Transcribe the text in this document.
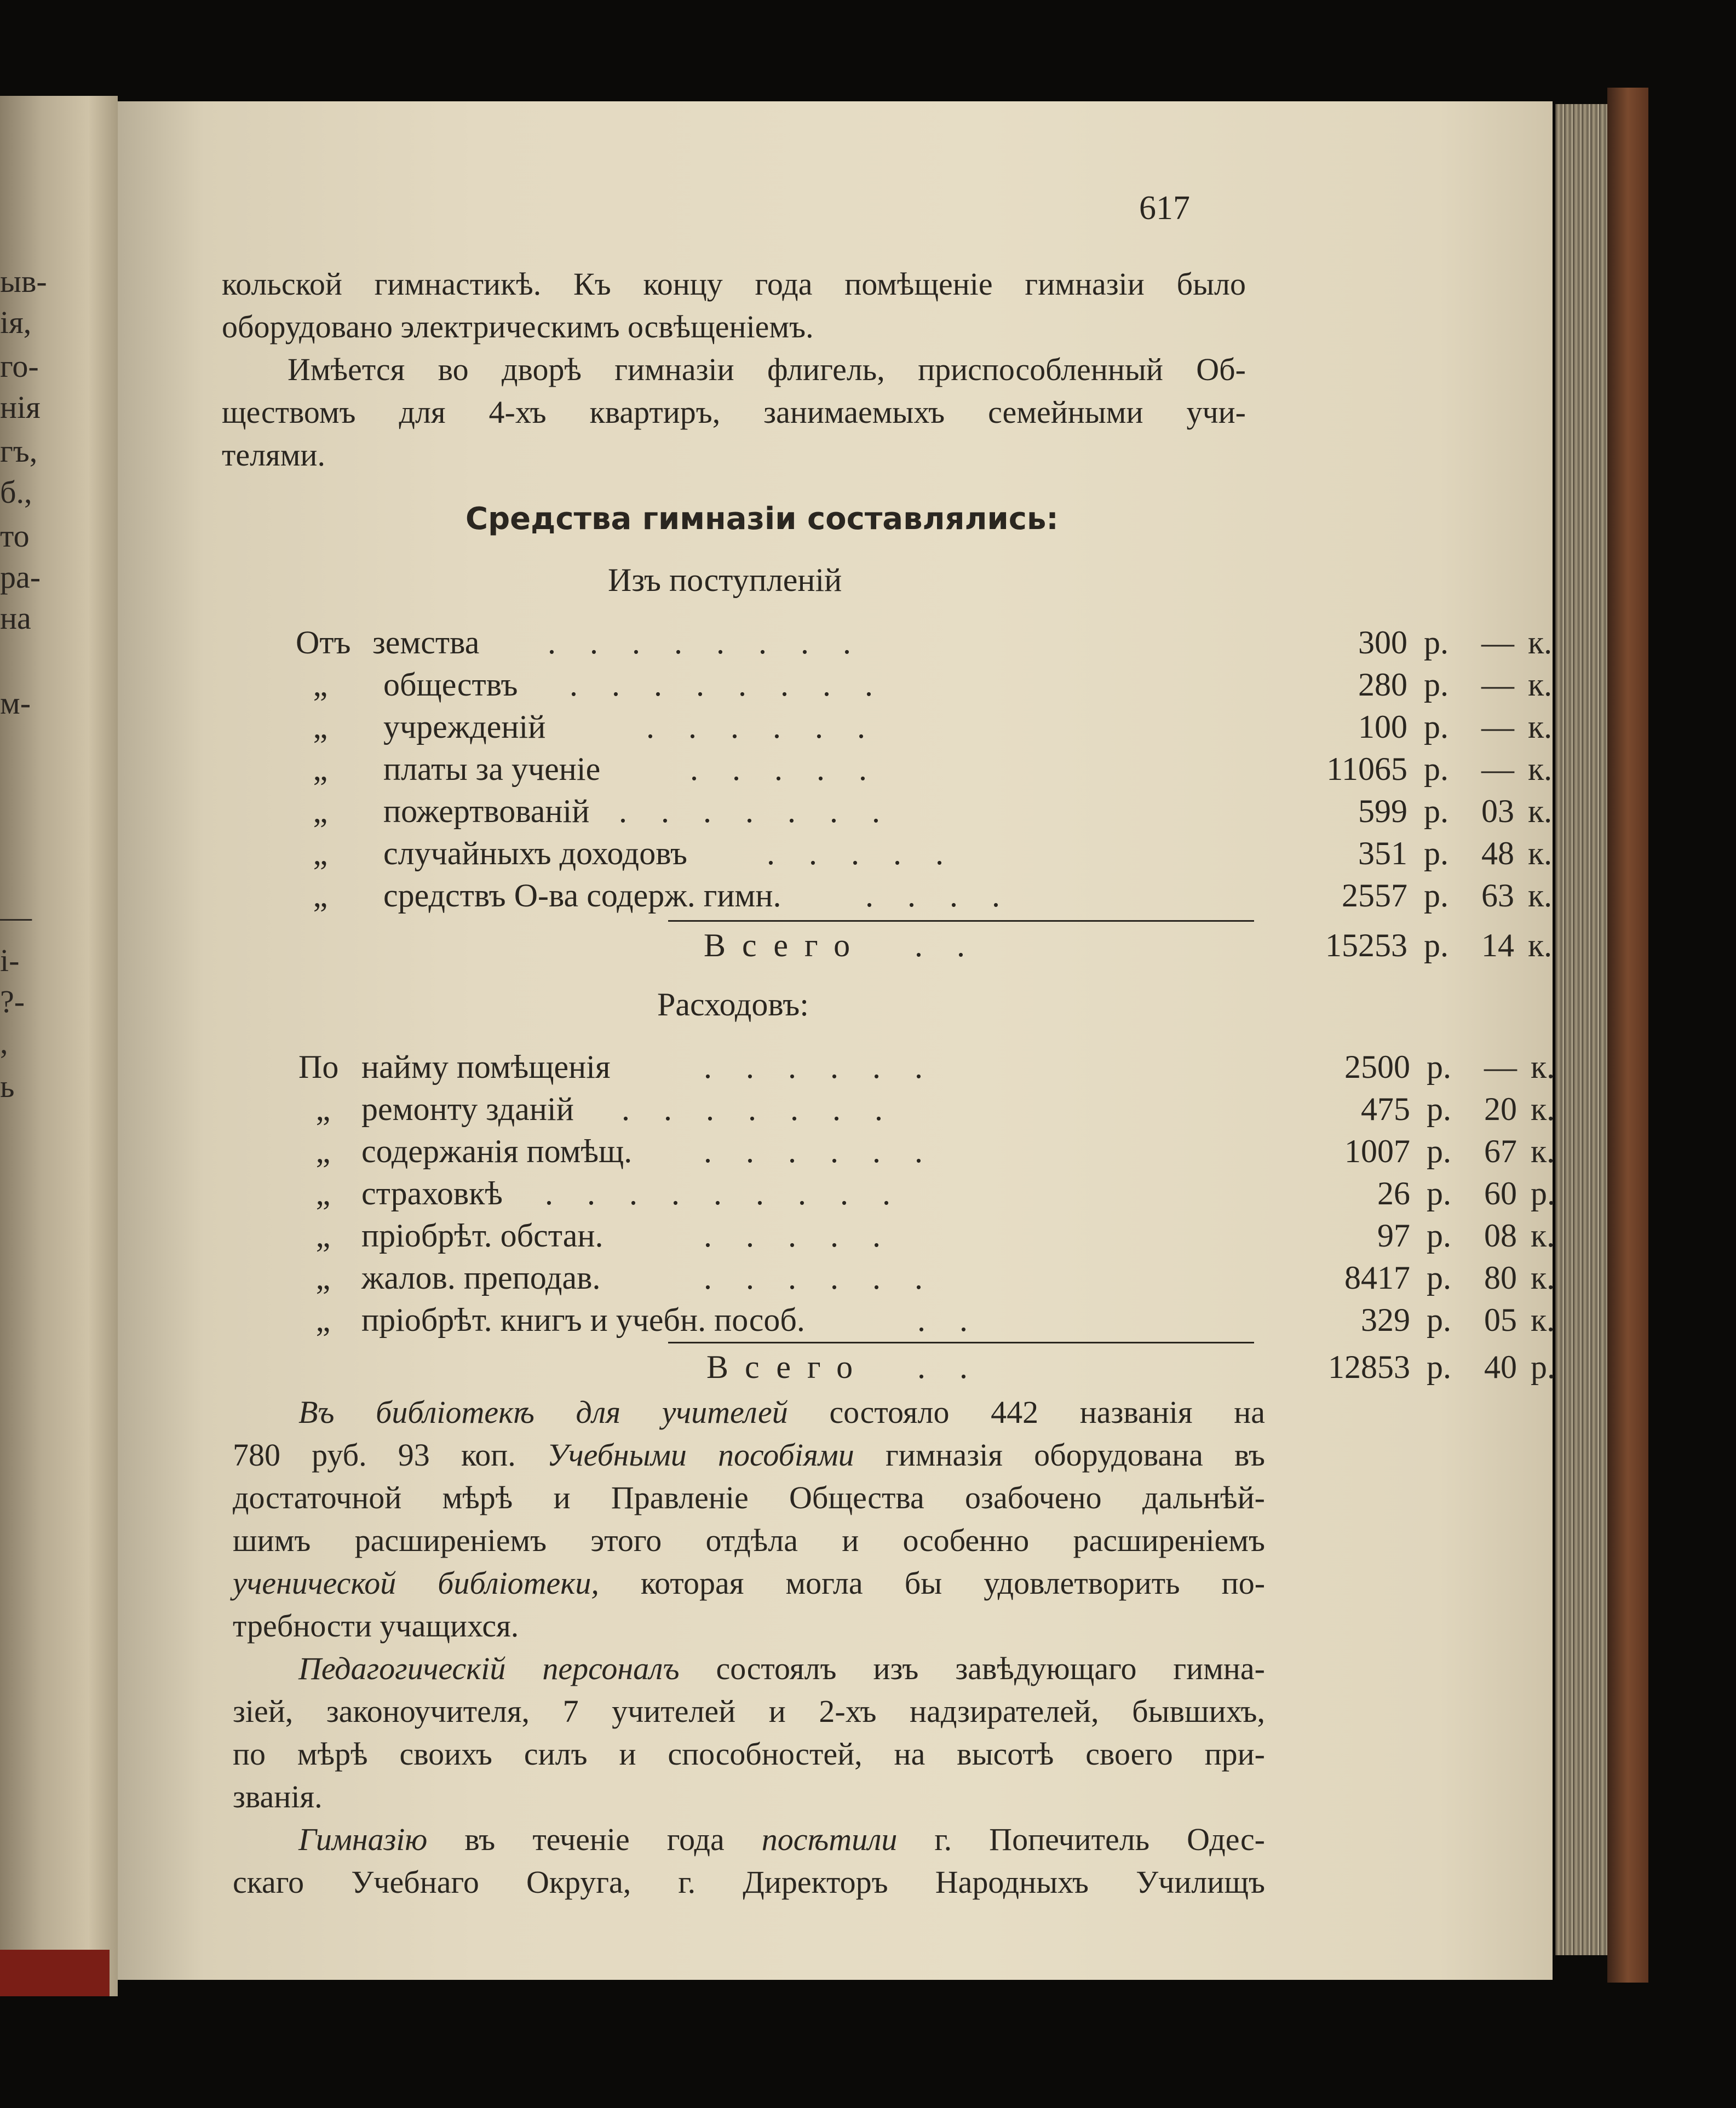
ыв-
ія,
го-
нія
гъ,
б.,
то
ра-
на
м-
—
і-
?-
,
ь
617
кольской гимнастикѣ. Къ концу года помѣщеніе гимназіи было
оборудовано электрическимъ освѣщеніемъ.
Имѣется во дворѣ гимназіи флигель, приспособленный Об-
ществомъ для 4-хъ квартиръ, занимаемыхъ семейными учи-
телями.
Средства гимназіи составлялись:
Изъ поступленій
Отъ земства ........	300 р. — к.
„	обществъ ........	280 р. — к.
„	учрежденій	......	100 р. — к.
„	платы за ученіе	.....	11065 р. — к.
„	пожертвованій .......	599 р. 03 к.
„	случайныхъ доходовъ .....	351 р. 48 к.
„	средствъ О-ва содерж. гимн.	....	2557 р. 63 к.
Всего ..	15253 р. 14 к.
Расходовъ:
По найму помѣщенія	......	2500 р. — к.
„ ремонту зданій .......	475 р. 20 к.
„ содержанія помѣщ. ......	1007 р. 67 к.
„ страховкѣ .........	26 р. 60 р.
„ пріобрѣт. обстан.	.....	97 р. 08 к.
„ жалов. преподав.	......	8417 р. 80 к.
„ пріобрѣт. книгъ и учебн. пособ.	..	329 р. 05 к.
Всего ..	12853 р. 40 р.
Въ библіотекѣ для учителей состояло 442 названія на
780 руб. 93 коп. Учебными пособіями гимназія оборудована въ
достаточной мѣрѣ и Правленіе Общества озабочено дальнѣй-
шимъ расширеніемъ этого отдѣла и особенно расширеніемъ
ученической библіотеки, которая могла бы удовлетворить по-
требности учащихся.
Педагогическій персоналъ состоялъ изъ завѣдующаго гимна-
зіей, законоучителя, 7 учителей и 2-хъ надзирателей, бывшихъ,
по мѣрѣ своихъ силъ и способностей, на высотѣ своего при-
званія.
Гимназію въ теченіе года посѣтили г. Попечитель Одес-
скаго Учебнаго Округа, г. Директоръ Народныхъ Училищъ
